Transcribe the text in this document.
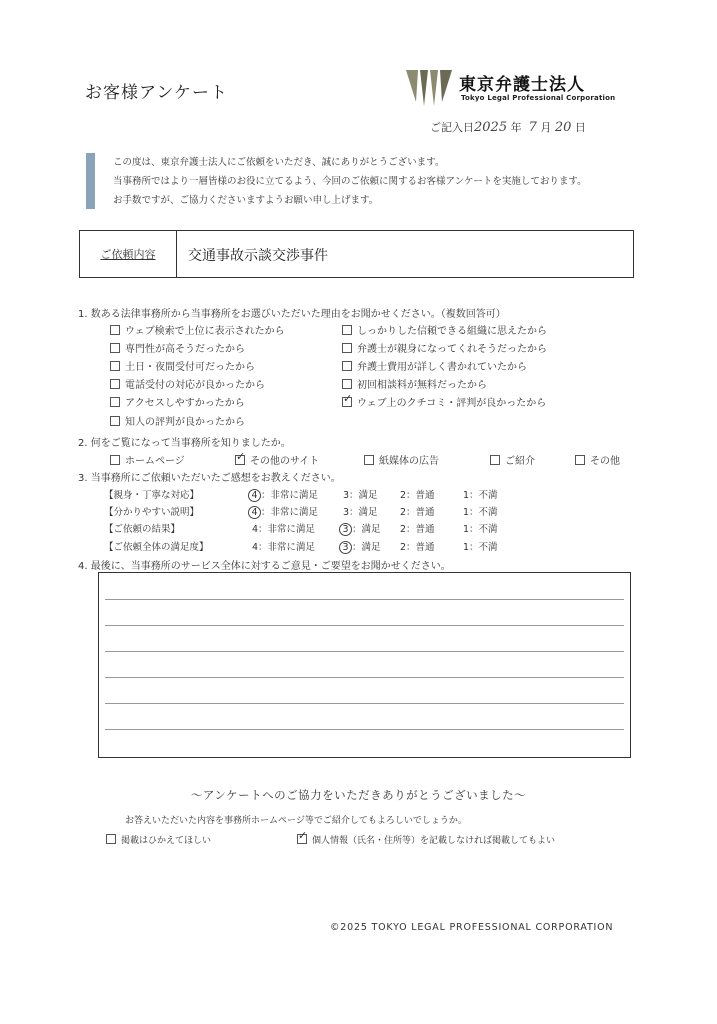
お客様アンケート	東京弁護士法人
Tokyo Legal Professional Corporation
ご記入日2025 年 7 月 20 日
この度は、東京弁護士法人にご依頼をいただき、誠にありがとうございます。
当事務所ではより一層皆様のお役に立てるよう、今回のご依頼に関するお客様アンケートを実施しております。
お手数ですが、ご協力くださいますようお願い申し上げます。
ご依頼内容	交通事故示談交渉事件
1. 数ある法律事務所から当事務所をお選びいただいた理由をお聞かせください。（複数回答可）
ウェブ検索で上位に表示されたから	しっかりした信頼できる組織に思えたから
専門性が高そうだったから	弁護士が親身になってくれそうだったから
土日・夜間受付可だったから	弁護士費用が詳しく書かれていたから
電話受付の対応が良かったから	初回相談料が無料だったから
アクセスしやすかったから ✓	ウェブ上のクチコミ・評判が良かったから
知人の評判が良かったから
2. 何をご覧になって当事務所を知りましたか。
ホームページ ✓	その他のサイト	紙媒体の広告	ご紹介	その他
3. 当事務所にご依頼いただいたご感想をお教えください。
【親身・丁寧な対応】	4 ：非常に満足	3：満足 2：普通	1：不満
【分かりやすい説明】	4 ：非常に満足	3：満足 2：普通	1：不満
【ご依頼の結果】	4：非常に満足	3 ：満足 2：普通	1：不満
【ご依頼全体の満足度】	4：非常に満足	3 ：満足 2：普通	1：不満
4. 最後に、当事務所のサービス全体に対するご意見・ご要望をお聞かせください。
～アンケートへのご協力をいただきありがとうございました～
お答えいただいた内容を事務所ホームページ等でご紹介してもよろしいでしょうか。
掲載はひかえてほしい ✓	個人情報（氏名・住所等）を記載しなければ掲載してもよい
©2025 TOKYO LEGAL PROFESSIONAL CORPORATION
